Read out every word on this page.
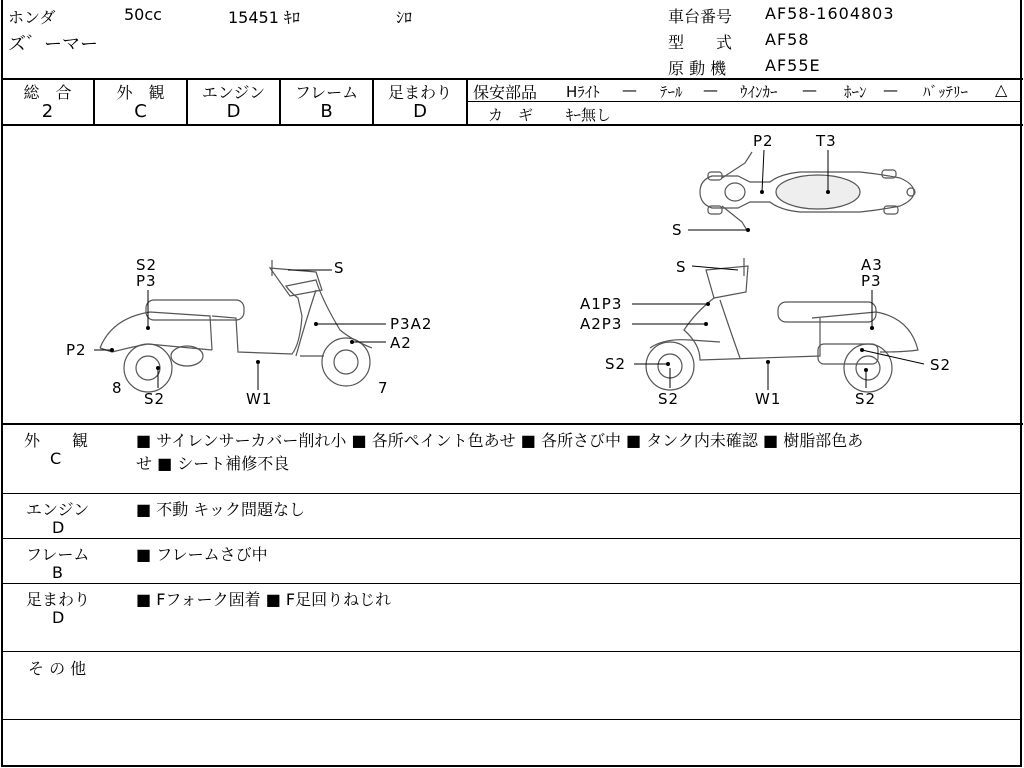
ホンダ	50cc	15451 ｷﾛ	ｼﾛ
ズ゛ーマー
車台番号 AF58-1604803
型　　式 AF58
原 動 機 AF55E
総　合
2
外　観
C
エンジン
D
フレーム
B
足まわり
D
保安部品 Hﾗｲﾄ — ﾃｰﾙ — ｳｲﾝｶｰ — ﾎｰﾝ — ﾊﾞｯﾃﾘｰ △
カ　ギ ｷｰ無し
P2	T3
S
S2
P3
S
P3A2
A2
P2
8
S2	W1
7
S	A3
P3
A1P3
A2P3
S2	S2
S2	W1	S2
外　　観
C
■ サイレンサーカバー削れ小 ■ 各所ペイント色あせ ■ 各所さび中 ■ タンク内未確認 ■ 樹脂部色あ
せ ■ シート補修不良
エンジン
D
■ 不動 キック問題なし
フレーム
B
■ フレームさび中
足まわり
D
■ Fフォーク固着 ■ F足回りねじれ
そ の 他
